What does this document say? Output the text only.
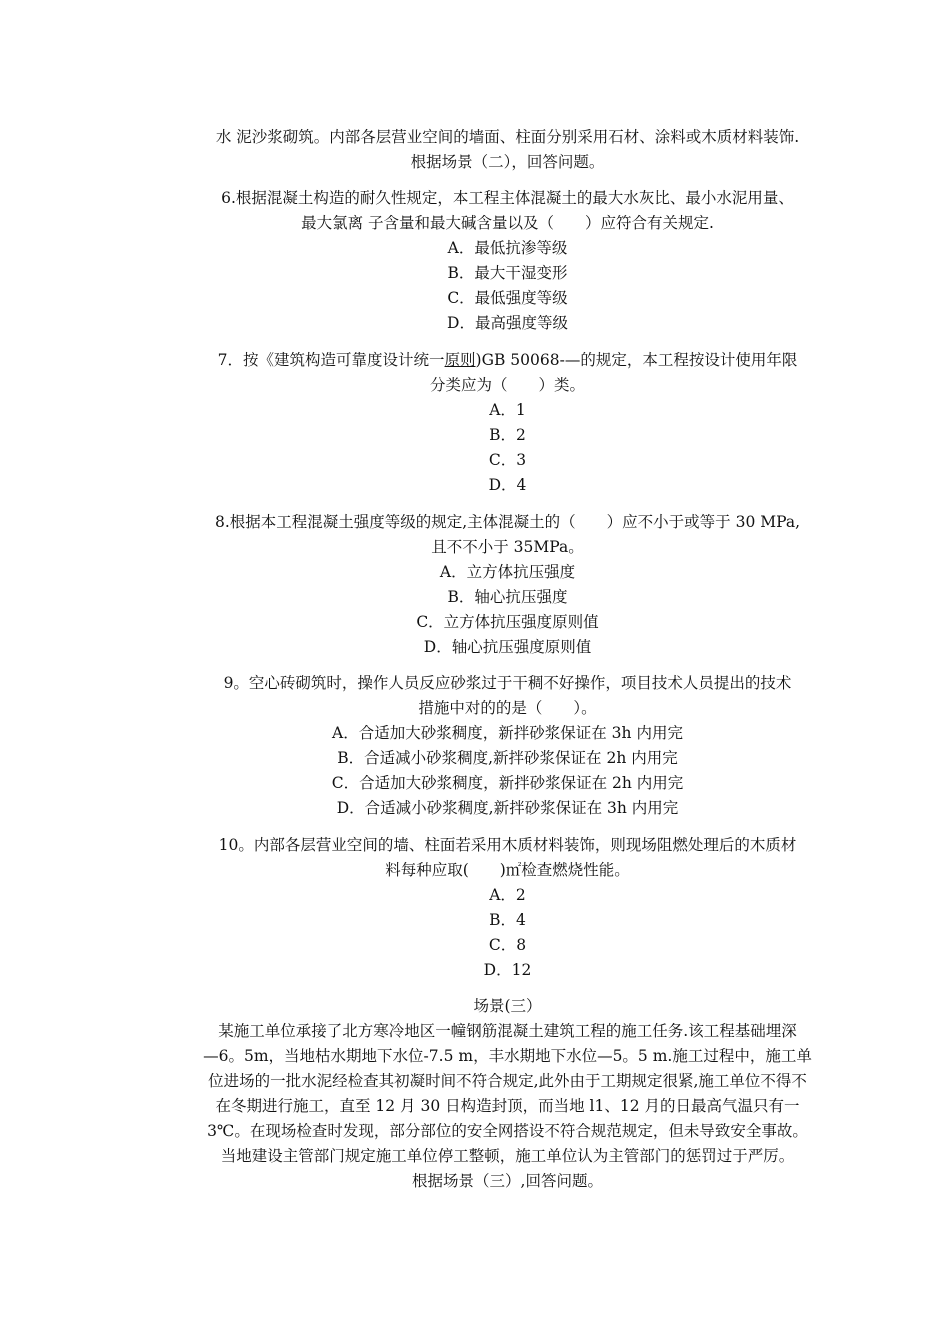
水 泥沙浆砌筑。内部各层营业空间的墙面、柱面分别采用石材、涂料或木质材料装饰.
根据场景（二），回答问题。
6.根据混凝土构造的耐久性规定，本工程主体混凝土的最大水灰比、最小水泥用量、
最大氯离 子含量和最大碱含量以及（　　）应符合有关规定.
A．最低抗渗等级
B．最大干湿变形
C．最低强度等级
D．最高强度等级
7．按《建筑构造可靠度设计统一原则)GB 50068-—的规定，本工程按设计使用年限
分类应为（　　）类。
A．1
B．2
C．3
D．4
8.根据本工程混凝土强度等级的规定,主体混凝土的（　　）应不小于或等于 30 MPa,
且不不小于 35MPa。
A．立方体抗压强度
B．轴心抗压强度
C．立方体抗压强度原则值
D．轴心抗压强度原则值
9。空心砖砌筑时，操作人员反应砂浆过于干稠不好操作，项目技术人员提出的技术
措施中对的的是（　　）。
A．合适加大砂浆稠度，新拌砂浆保证在 3h 内用完
B．合适减小砂浆稠度,新拌砂浆保证在 2h 内用完
C．合适加大砂浆稠度，新拌砂浆保证在 2h 内用完
D．合适减小砂浆稠度,新拌砂浆保证在 3h 内用完
10。内部各层营业空间的墙、柱面若采用木质材料装饰，则现场阻燃处理后的木质材
料每种应取(　　)㎡检查燃烧性能。
A．2
B．4
C．8
D．12
场景(三）
某施工单位承接了北方寒冷地区一幢钢筋混凝土建筑工程的施工任务.该工程基础埋深
—6。5m，当地枯水期地下水位-7.5 m，丰水期地下水位—5。5 m.施工过程中，施工单
位进场的一批水泥经检查其初凝时间不符合规定,此外由于工期规定很紧,施工单位不得不
在冬期进行施工，直至 12 月 30 日构造封顶，而当地 l1、12 月的日最高气温只有一
3℃。在现场检查时发现，部分部位的安全网搭设不符合规范规定，但未导致安全事故。
当地建设主管部门规定施工单位停工整顿，施工单位认为主管部门的惩罚过于严厉。
根据场景（三）,回答问题。
